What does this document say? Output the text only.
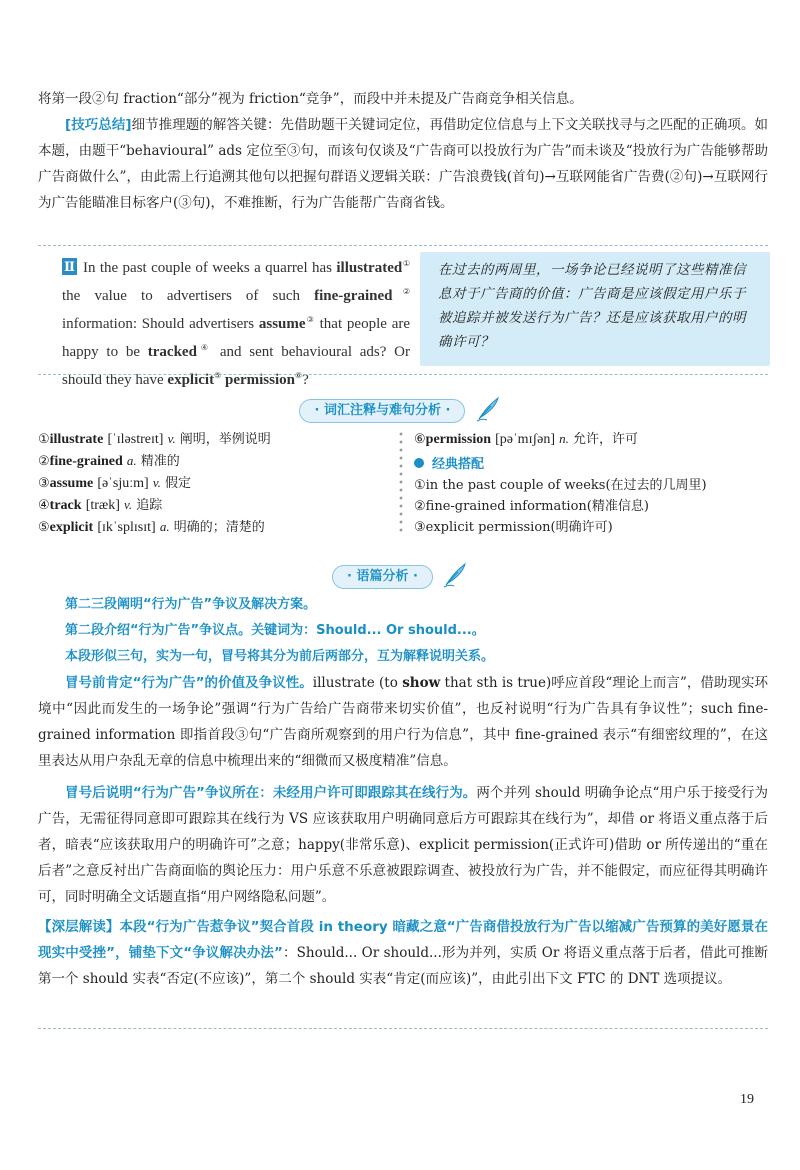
将第一段②句 fraction“部分”视为 friction“竞争”，而段中并未提及广告商竞争相关信息。

[技巧总结]细节推理题的解答关键：先借助题干关键词定位，再借助定位信息与上下文关联找寻与之匹配的正确项。如本题，由题干“behavioural” ads 定位至③句，而该句仅谈及“广告商可以投放行为广告”而未谈及“投放行为广告能够帮助广告商做什么”，由此需上行追溯其他句以把握句群语义逻辑关联：广告浪费钱(首句)→互联网能省广告费(②句)→互联网行为广告能瞄准目标客户(③句)，不难推断，行为广告能帮广告商省钱。

Ⅱ In the past couple of weeks a quarrel has illustrated① the value to advertisers of such fine-grained② information: Should advertisers assume③ that people are happy to be tracked④ and sent behavioural ads? Or should they have explicit⑤ permission⑥?

在过去的两周里，一场争论已经说明了这些精准信息对于广告商的价值：广告商是应该假定用户乐于被追踪并被发送行为广告？还是应该获取用户的明确许可？

· 词汇注释与难句分析 ·
①illustrate [ˈɪləstreɪt] v. 阐明，举例说明
②fine-grained a. 精准的
③assume [əˈsjuːm] v. 假定
④track [træk] v. 追踪
⑤explicit [ɪkˈsplɪsɪt] a. 明确的；清楚的
⑥permission [pəˈmɪʃən] n. 允许，许可
经典搭配
①in the past couple of weeks(在过去的几周里)
②fine-grained information(精准信息)
③explicit permission(明确许可)
· 语篇分析 ·

第二三段阐明“行为广告”争议及解决方案。

第二段介绍“行为广告”争议点。关键词为：Should... Or should...。

本段形似三句，实为一句，冒号将其分为前后两部分，互为解释说明关系。

冒号前肯定“行为广告”的价值及争议性。illustrate (to show that sth is true)呼应首段“理论上而言”，借助现实环境中“因此而发生的一场争论”强调“行为广告给广告商带来切实价值”，也反衬说明“行为广告具有争议性”；such fine-grained information 即指首段③句“广告商所观察到的用户行为信息”，其中 fine-grained 表示“有细密纹理的”，在这里表达从用户杂乱无章的信息中梳理出来的“细微而又极度精准”信息。

冒号后说明“行为广告”争议所在：未经用户许可即跟踪其在线行为。两个并列 should 明确争论点“用户乐于接受行为广告，无需征得同意即可跟踪其在线行为 VS 应该获取用户明确同意后方可跟踪其在线行为”，却借 or 将语义重点落于后者，暗表“应该获取用户的明确许可”之意；happy(非常乐意)、explicit permission(正式许可)借助 or 所传递出的“重在后者”之意反衬出广告商面临的舆论压力：用户乐意不乐意被跟踪调查、被投放行为广告，并不能假定，而应征得其明确许可，同时明确全文话题直指“用户网络隐私问题”。

【深层解读】本段“行为广告惹争议”契合首段 in theory 暗藏之意“广告商借投放行为广告以缩减广告预算的美好愿景在现实中受挫”，铺垫下文“争议解决办法”：Should... Or should...形为并列，实质 Or 将语义重点落于后者，借此可推断第一个 should 实表“否定(不应该)”，第二个 should 实表“肯定(而应该)”，由此引出下文 FTC 的 DNT 选项提议。

19
